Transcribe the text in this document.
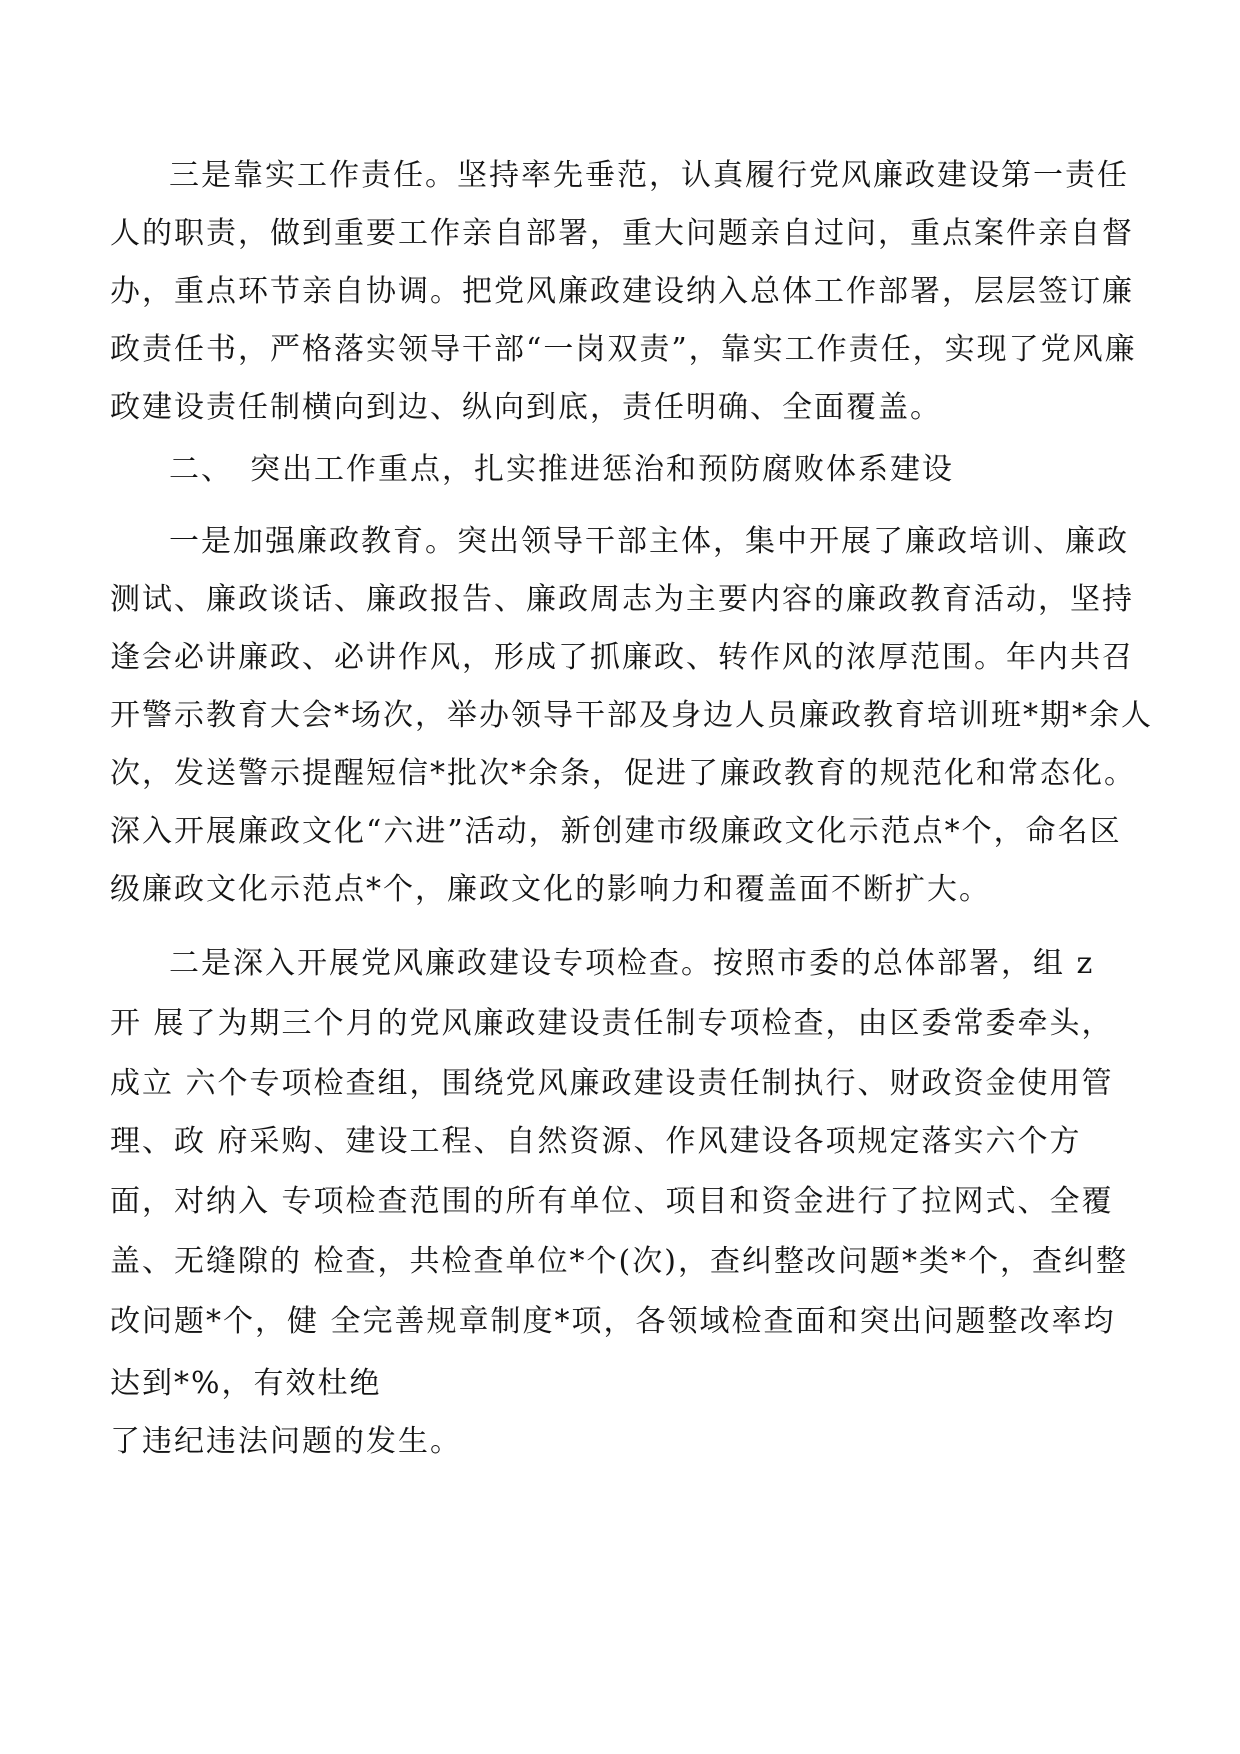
三是靠实工作责任。坚持率先垂范，认真履行党风廉政建设第一责任
人的职责，做到重要工作亲自部署，重大问题亲自过问，重点案件亲自督
办，重点环节亲自协调。把党风廉政建设纳入总体工作部署，层层签订廉
政责任书，严格落实领导干部“一岗双责”，靠实工作责任，实现了党风廉
政建设责任制横向到边、纵向到底，责任明确、全面覆盖。
二、　突出工作重点，扎实推进惩治和预防腐败体系建设
一是加强廉政教育。突出领导干部主体，集中开展了廉政培训、廉政
测试、廉政谈话、廉政报告、廉政周志为主要内容的廉政教育活动，坚持
逢会必讲廉政、必讲作风，形成了抓廉政、转作风的浓厚范围。年内共召
开警示教育大会*场次，举办领导干部及身边人员廉政教育培训班*期*余人
次，发送警示提醒短信*批次*余条，促进了廉政教育的规范化和常态化。
深入开展廉政文化“六进”活动，新创建市级廉政文化示范点*个，命名区
级廉政文化示范点*个，廉政文化的影响力和覆盖面不断扩大。
二是深入开展党风廉政建设专项检查。按照市委的总体部署，组 z
开 展了为期三个月的党风廉政建设责任制专项检查，由区委常委牵头，
成立 六个专项检查组，围绕党风廉政建设责任制执行、财政资金使用管
理、政 府采购、建设工程、自然资源、作风建设各项规定落实六个方
面，对纳入 专项检查范围的所有单位、项目和资金进行了拉网式、全覆
盖、无缝隙的 检查，共检查单位*个(次)，查纠整改问题*类*个，查纠整
改问题*个，健 全完善规章制度*项，各领域检查面和突出问题整改率均
达到*%，有效杜绝
了违纪违法问题的发生。
